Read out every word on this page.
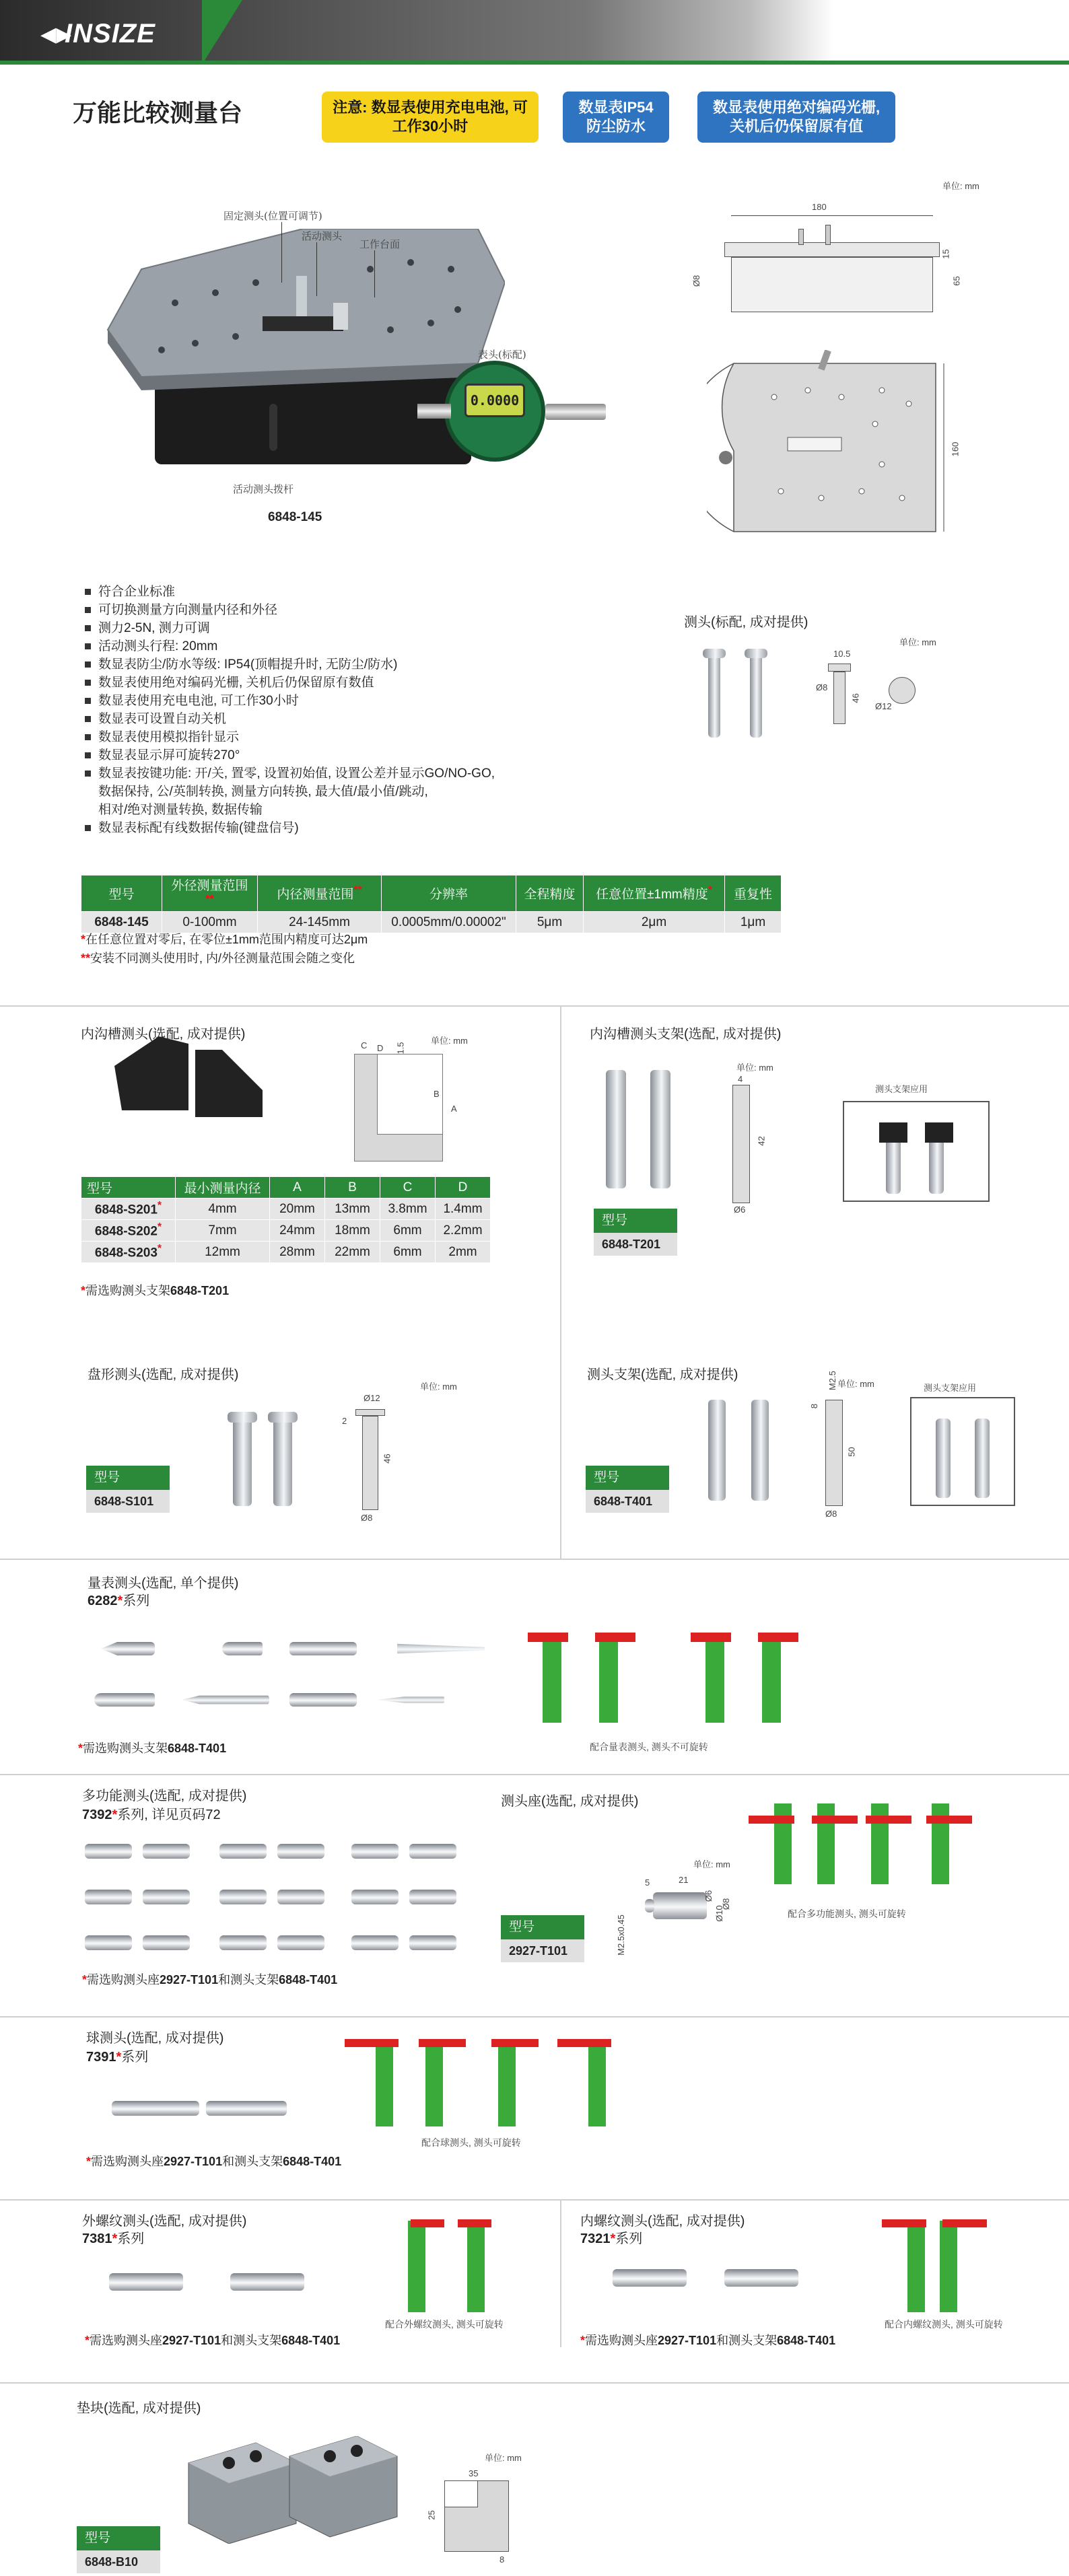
◀▶
INSIZE
万能比较测量台	注意: 数显表使用充电电池, 可工作30小时
数显表IP54 防尘防水
数显表使用绝对编码光栅, 关机后仍保留原有值
0.0000
固定测头(位置可调节)
活动测头
工作台面
表头(标配)
活动测头拨杆
6848-145
单位: mm
180
Ø8
15
65
160
符合企业标准
可切换测量方向测量内径和外径
测力2-5N, 测力可调
活动测头行程: 20mm
数显表防尘/防水等级: IP54(顶帽提升时, 无防尘/防水)
数显表使用绝对编码光栅, 关机后仍保留原有数值
数显表使用充电电池, 可工作30小时
数显表可设置自动关机
数显表使用模拟指针显示
数显表显示屏可旋转270°
数显表按键功能: 开/关, 置零, 设置初始值, 设置公差并显示GO/NO-GO,
数据保持, 公/英制转换, 测量方向转换, 最大值/最小值/跳动,
相对/绝对测量转换, 数据传输
数显表标配有线数据传输(键盘信号)
测头(标配, 成对提供)
单位: mm
10.5
Ø8
46
Ø12
型号	外径测量范围**	内径测量范围**	分辨率	全程精度	任意位置±1mm精度*	重复性
6848-145	0-100mm	24-145mm	0.0005mm/0.00002"	5μm	2μm	1μm
*在任意位置对零后, 在零位±1mm范围内精度可达2μm
**安装不同测头使用时, 内/外径测量范围会随之变化
内沟槽测头(选配, 成对提供)	单位: mm
C D 1.5
B
A
型号	最小测量内径	A	B	C	D
6848-S201*	4mm	20mm	13mm	3.8mm	1.4mm
6848-S202*	7mm	24mm	18mm	6mm	2.2mm
6848-S203*	12mm	28mm	22mm	6mm	2mm
*需选购测头支架6848-T201
内沟槽测头支架(选配, 成对提供)
单位: mm
4
42
Ø6
测头支架应用
型号
6848-T201
盘形测头(选配, 成对提供)
单位: mm
Ø12
2
46
Ø8
型号
6848-S101
测头支架(选配, 成对提供)
单位: mm
M2.5
8
50
Ø8
测头支架应用
型号
6848-T401
量表测头(选配, 单个提供)
6282*系列
*需选购测头支架6848-T401	配合量表测头, 测头不可旋转
多功能测头(选配, 成对提供)
7392*系列, 详见页码72
*需选购测头座2927-T101和测头支架6848-T401
测头座(选配, 成对提供)
单位: mm
5	21
Ø6
Ø10
Ø8
M2.5x0.45
型号
2927-T101
配合多功能测头, 测头可旋转
球测头(选配, 成对提供)
7391*系列
*需选购测头座2927-T101和测头支架6848-T401
配合球测头, 测头可旋转
外螺纹测头(选配, 成对提供)
7381*系列
*需选购测头座2927-T101和测头支架6848-T401
配合外螺纹测头, 测头可旋转
内螺纹测头(选配, 成对提供)
7321*系列
*需选购测头座2927-T101和测头支架6848-T401
配合内螺纹测头, 测头可旋转
垫块(选配, 成对提供)
单位: mm
35
25
8
型号
6848-B10
